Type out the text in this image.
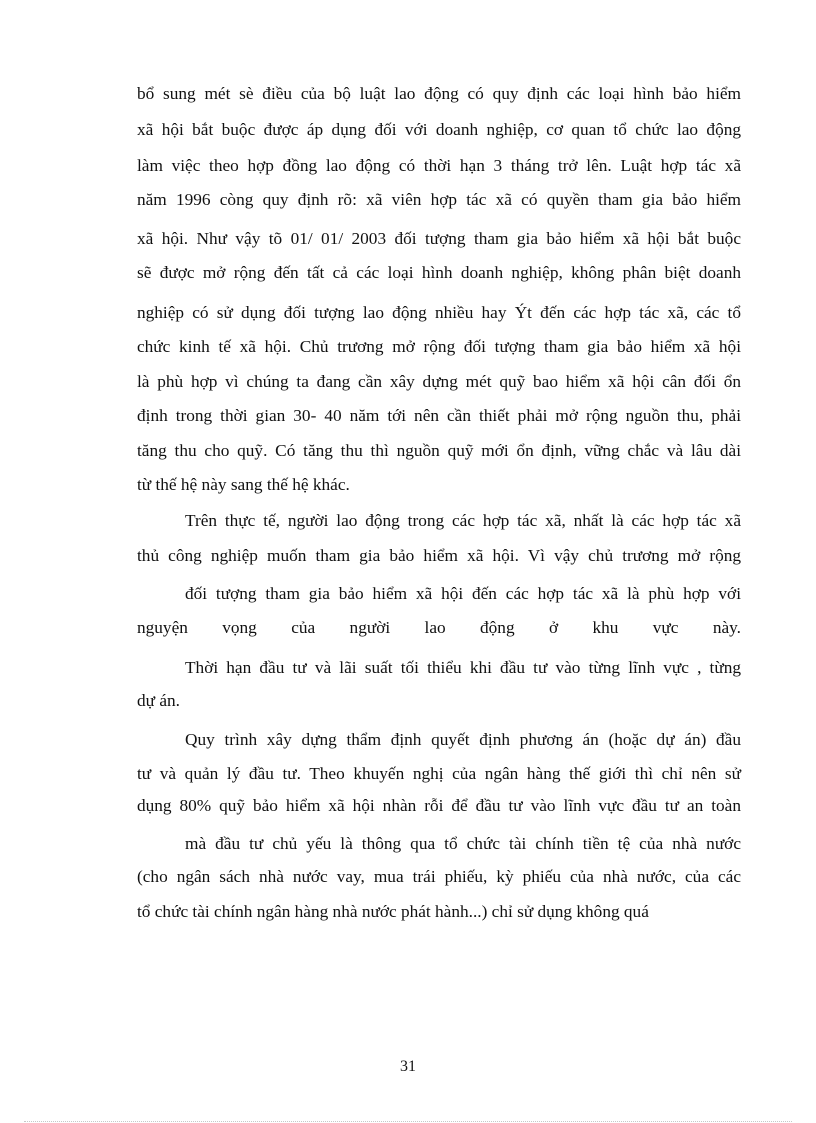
bổ sung mét sè điều của bộ luật lao động có quy định các loại hình bảo hiểm
xã hội bắt buộc được áp dụng đối với doanh nghiệp, cơ quan tổ chức lao động
làm việc theo hợp đồng lao động có thời hạn 3 tháng trở lên. Luật hợp tác xã
năm 1996 còng quy định rõ: xã viên hợp tác xã có quyền tham gia bảo hiểm
xã hội. Như vậy tõ 01/ 01/ 2003 đối tượng tham gia bảo hiểm xã hội bắt buộc
sẽ được mở rộng đến tất cả các loại hình doanh nghiệp, không phân biệt doanh
nghiệp có sử dụng đối tượng lao động nhiều hay Ýt đến các hợp tác xã, các tổ
chức kinh tế xã hội. Chủ trương mở rộng đối tượng tham gia bảo hiểm xã hội
là phù hợp vì chúng ta đang cần xây dựng mét quỹ bao hiểm xã hội cân đối ổn
định trong thời gian 30- 40 năm tới nên cần thiết phải mở rộng nguồn thu, phải
tăng thu cho quỹ. Có tăng thu thì nguồn quỹ mới ổn định, vững chắc và lâu dài
từ thế hệ này sang thế hệ khác.
Trên thực tế, người lao động trong các hợp tác xã, nhất là các hợp tác xã
thủ công nghiệp muốn tham gia bảo hiểm xã hội. Vì vậy chủ trương mở rộng
đối tượng tham gia bảo hiểm xã hội đến các hợp tác xã là phù hợp với
nguyện vọng của người lao động ở khu vực này.
Thời hạn đầu tư và lãi suất tối thiểu khi đầu tư vào từng lĩnh vực , từng
dự án.
Quy trình xây dựng thẩm định quyết định phương án (hoặc dự án) đầu
tư và quản lý đầu tư. Theo khuyến nghị của ngân hàng thế giới thì chỉ nên sử
dụng 80% quỹ bảo hiểm xã hội nhàn rỗi để đầu tư vào lĩnh vực đầu tư an toàn
mà đầu tư chủ yếu là thông qua tổ chức tài chính tiền tệ của nhà nước
(cho ngân sách nhà nước vay, mua trái phiếu, kỳ phiếu của nhà nước, của các
tổ chức tài chính ngân hàng nhà nước phát hành...) chỉ sử dụng không quá
31
